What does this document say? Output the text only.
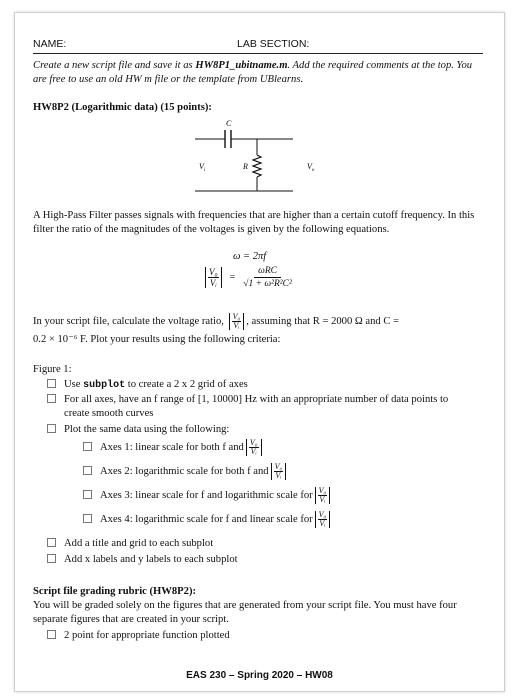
NAME:	LAB SECTION:
Create a new script file and save it as HW8P1_ubitname.m. Add the required comments at the top. You are free to use an old HW m file or the template from UBlearns.
HW8P2 (Logarithmic data) (15 points):
C
R
$V_i$	$V_o$
A High-Pass Filter passes signals with frequencies that are higher than a certain cutoff frequency. In this filter the ratio of the magnitudes of the voltages is given by the following equations.
ω = 2πf
$\frac{\text{V₀}}{\text{Vᵢ}}$ =
ωRC
√1 + ω²R²C²
In your script file, calculate the voltage ratio, $\frac{\text{V₀}}{\text{Vᵢ}}$ , assuming that R = 2000 Ω and C =
0.2 × 10⁻⁶ F. Plot your results using the following criteria:
Figure 1:
Use subplot to create a 2 x 2 grid of axes
For all axes, have an f range of [1, 10000] Hz with an appropriate number of data points to create smooth curves
Plot the same data using the following:
Axes 1: linear scale for both f and $\frac{\text{V₀}}{\text{Vᵢ}}$
Axes 2: logarithmic scale for both f and $\frac{\text{V₀}}{\text{Vᵢ}}$
Axes 3: linear scale for f and logarithmic scale for $\frac{\text{V₀}}{\text{Vᵢ}}$
Axes 4: logarithmic scale for f and linear scale for $\frac{\text{V₀}}{\text{Vᵢ}}$
Add a title and grid to each subplot
Add x labels and y labels to each subplot
Script file grading rubric (HW8P2):
You will be graded solely on the figures that are generated from your script file. You must have four separate figures that are created in your script.
2 point for appropriate function plotted
EAS 230 – Spring 2020 – HW08
